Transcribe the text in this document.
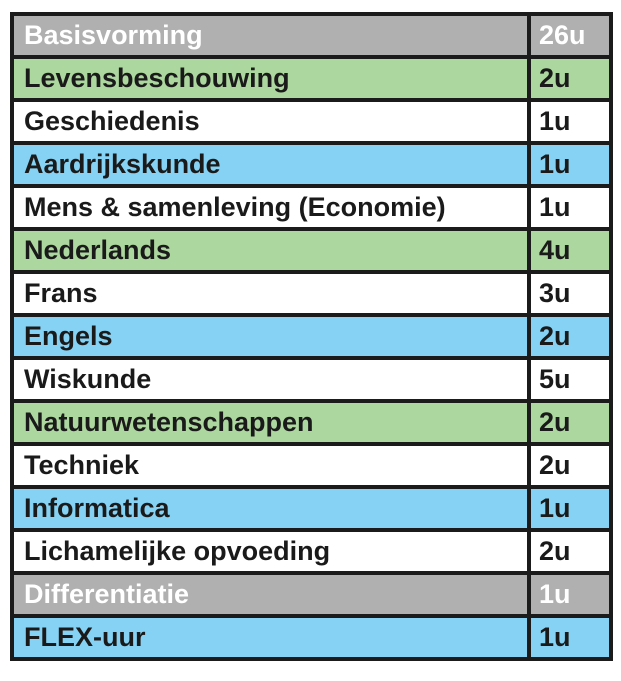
Basisvorming	26u
Levensbeschouwing	2u
Geschiedenis	1u
Aardrijkskunde	1u
Mens & samenleving (Economie)	1u
Nederlands	4u
Frans	3u
Engels	2u
Wiskunde	5u
Natuurwetenschappen	2u
Techniek	2u
Informatica	1u
Lichamelijke opvoeding	2u
Differentiatie	1u
FLEX-uur	1u
